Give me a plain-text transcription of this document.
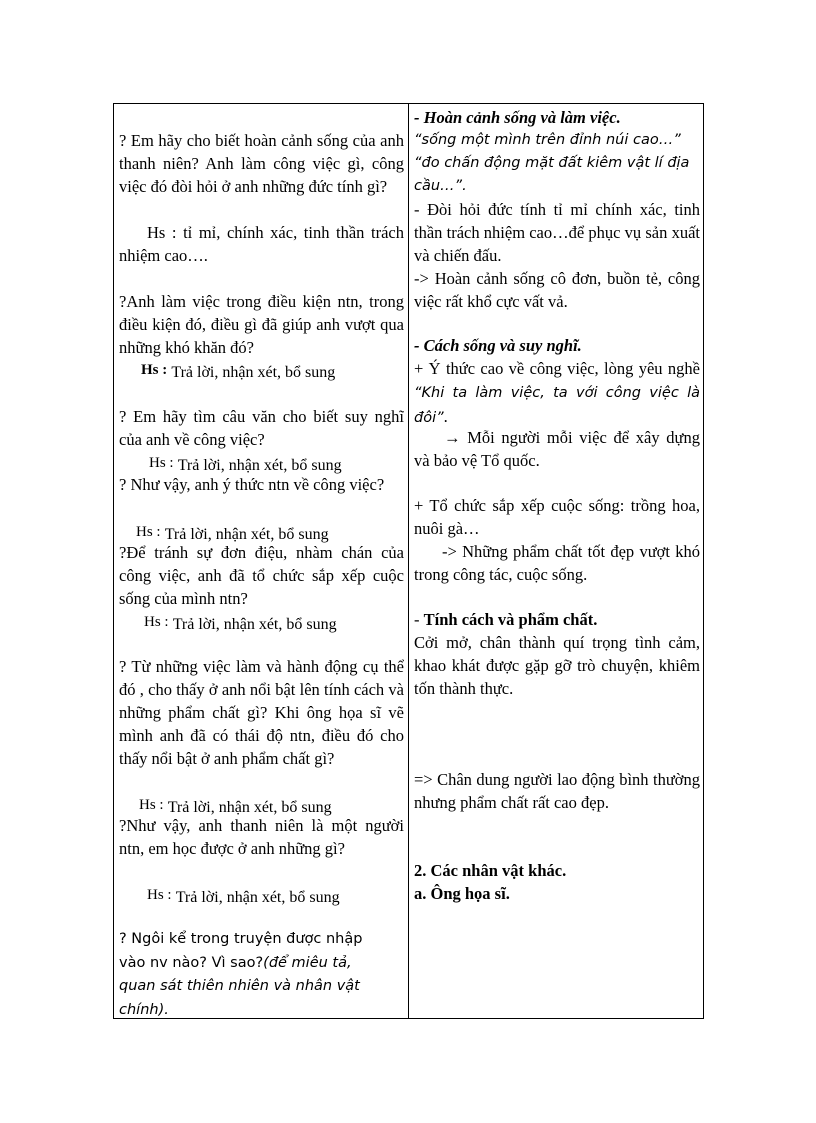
? Em hãy cho biết hoàn cảnh sống của anh thanh niên? Anh làm công việc gì, công việc đó đòi hỏi ở anh những đức tính gì?

Hs : tỉ mỉ, chính xác, tinh thần trách nhiệm cao….

?Anh làm việc trong điều kiện ntn, trong điều kiện đó, điều gì đã giúp anh vượt qua những khó khăn đó?

Hs : Trả lời, nhận xét, bổ sung

? Em hãy tìm câu văn cho biết suy nghĩ của anh về công việc?

Hs : Trả lời, nhận xét, bổ sung

? Như vậy, anh ý thức ntn về công việc?

Hs : Trả lời, nhận xét, bổ sung

?Để tránh sự đơn điệu, nhàm chán của công việc, anh đã tổ chức sắp xếp cuộc sống của mình ntn?

Hs : Trả lời, nhận xét, bổ sung

? Từ những việc làm và hành động cụ thể đó , cho thấy ở anh nổi bật lên tính cách và những phẩm chất gì? Khi ông họa sĩ vẽ mình anh đã có thái độ ntn, điều đó cho thấy nổi bật ở anh phẩm chất gì?

Hs : Trả lời, nhận xét, bổ sung

?Như vậy, anh thanh niên là một người ntn, em học được ở anh những gì?

Hs : Trả lời, nhận xét, bổ sung

? Ngôi kể trong truyện được nhập vào nv nào? Vì sao?(để miêu tả, quan sát thiên nhiên và nhân vật chính).

- Hoàn cảnh sống và làm việc.

“sống một mình trên đỉnh núi cao…”

“đo chấn động mặt đất kiêm vật lí địa cầu…”.

- Đòi hỏi đức tính tỉ mỉ chính xác, tinh thần trách nhiệm cao…để phục vụ sản xuất và chiến đấu.

-> Hoàn cảnh sống cô đơn, buồn tẻ, công việc rất khổ cực vất vả.

- Cách sống và suy nghĩ.

+ Ý thức cao về công việc, lòng yêu nghề “Khi ta làm việc, ta với công việc là đôi”.

→ Mỗi người mỗi việc để xây dựng và bảo vệ Tổ quốc.

+ Tổ chức sắp xếp cuộc sống: trồng hoa, nuôi gà…

-> Những phẩm chất tốt đẹp vượt khó trong công tác, cuộc sống.

- Tính cách và phẩm chất.

Cởi mở, chân thành quí trọng tình cảm, khao khát được gặp gỡ trò chuyện, khiêm tốn thành thực.

=> Chân dung người lao động bình thường nhưng phẩm chất rất cao đẹp.

2. Các nhân vật khác.

a. Ông họa sĩ.
